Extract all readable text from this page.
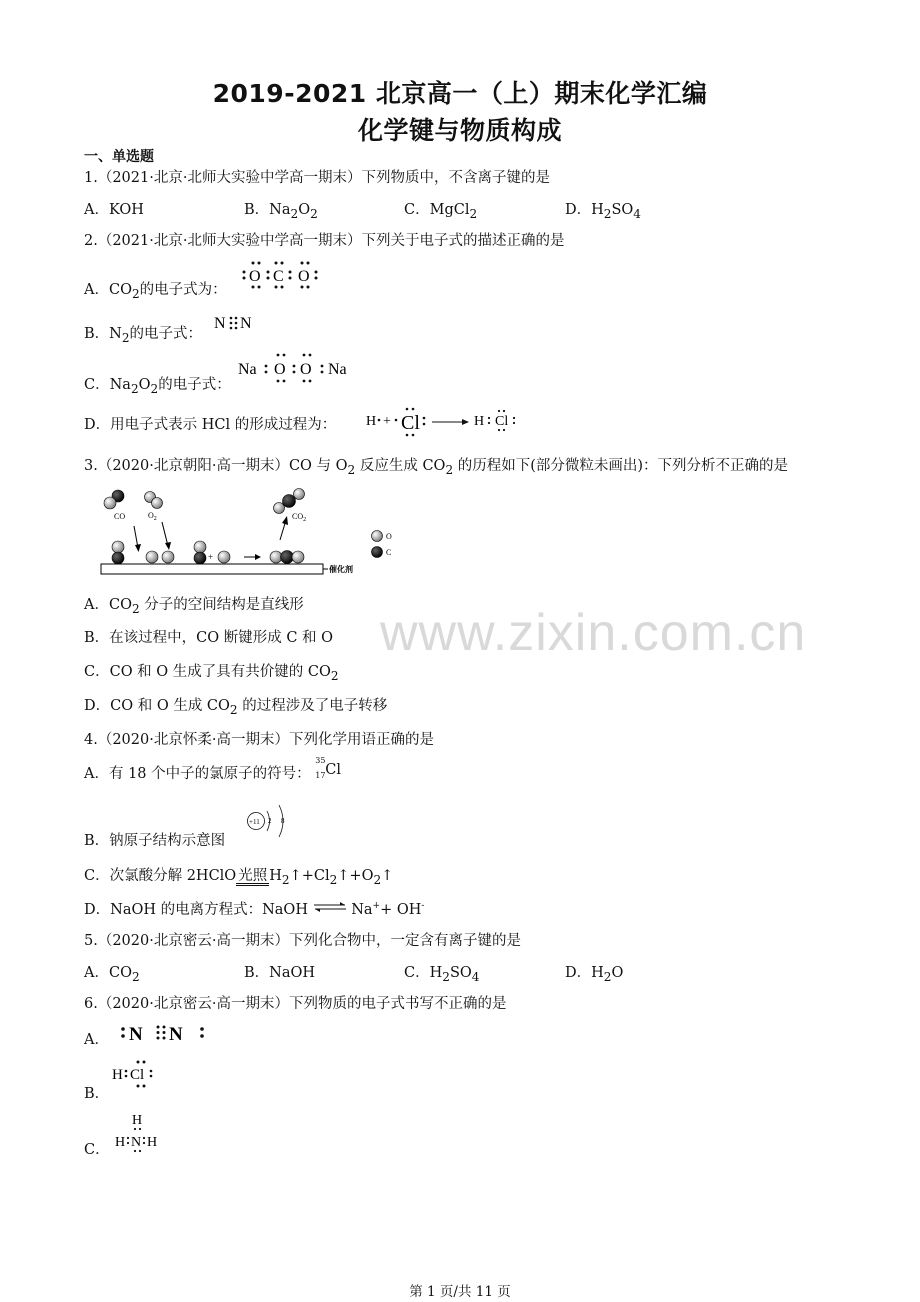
2019-2021 北京高一（上）期末化学汇编
化学键与物质构成
一、单选题
1.（2021·北京·北师大实验中学高一期末）下列物质中，不含离子键的是
A．KOH	B．$Na_2O_2$	C．MgCl$_2$	D．$H_2SO_4$
2.（2021·北京·北师大实验中学高一期末）下列关于电子式的描述正确的是
A．$CO_2$的电子式为：
O C O
B．$N_2$的电子式：
N N
C．$Na_2O_2$的电子式：
Na O O Na
D．用电子式表示 HCl 的形成过程为： H + Cl	H Cl
3.（2020·北京朝阳·高一期末）CO 与 $O_2$ 反应生成 $CO_2$ 的历程如下(部分微粒未画出)：下列分析不正确的是
CO	$O_2$
+
$CO_2$
催化剂
O
C
A．$CO_2$ 分子的空间结构是直线形
B．在该过程中，CO 断键形成 C 和 O
C．CO 和 O 生成了具有共价键的 $CO_2$
D．CO 和 O 生成 $CO_2$ 的过程涉及了电子转移
4.（2020·北京怀柔·高一期末）下列化学用语正确的是
A．有 18 个中子的氯原子的符号：
35
17 Cl
B．钠原子结构示意图
+11 2 8
C．次氯酸分解 2HClO 光照 $H_2↑+Cl_2↑+O_2↑$
D．NaOH 的电离方程式：NaOH ⇌ Na++ OH-
5.（2020·北京密云·高一期末）下列化合物中，一定含有离子键的是
A．$CO_2$	B．NaOH	C．$H_2SO_4$	D．$H_2O$
6.（2020·北京密云·高一期末）下列物质的电子式书写不正确的是
A． N N
B．
H Cl
C．
H
H N H
www.zixin.com.cn
第 1 页/共 11 页
